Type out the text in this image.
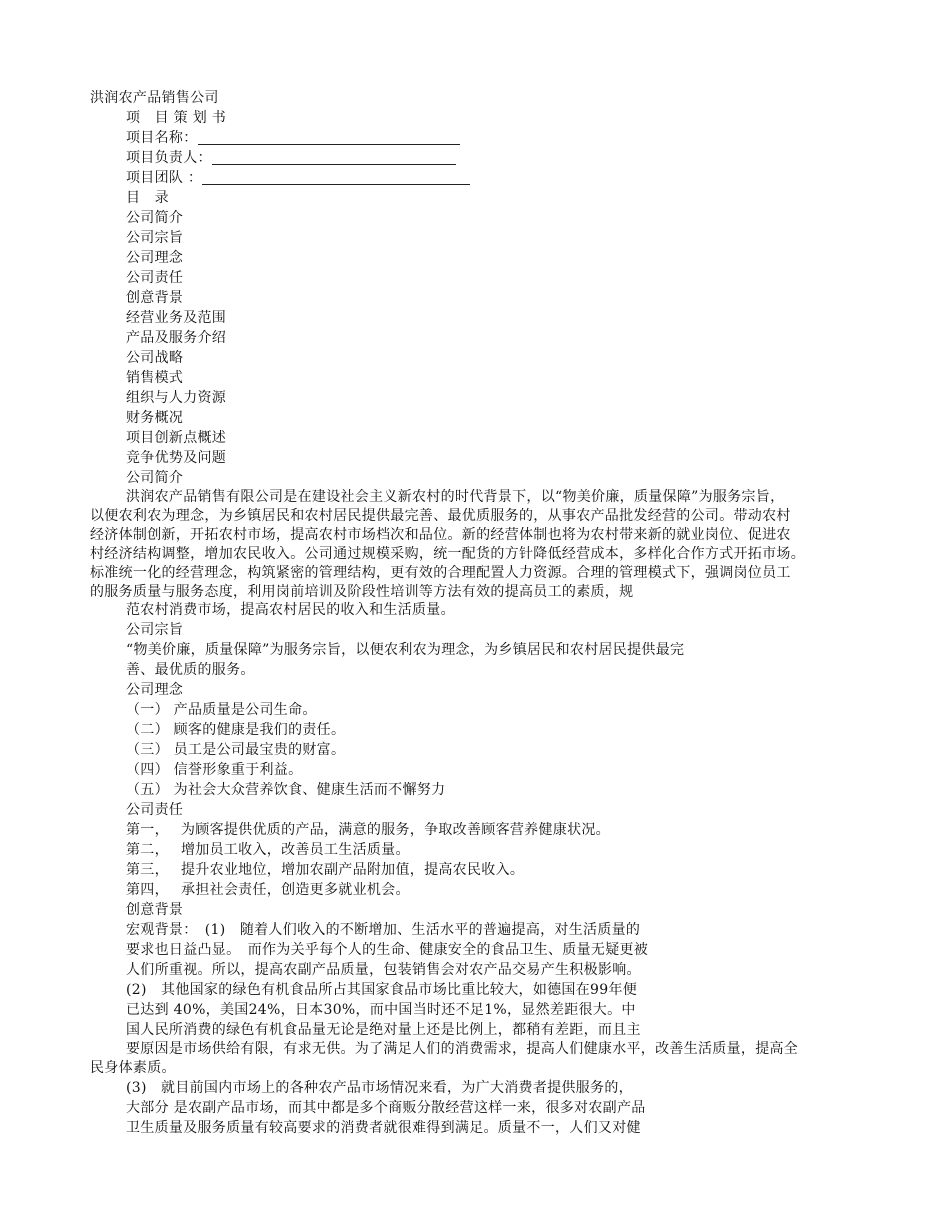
洪润农产品销售公司
项　目 策 划 书
项目名称：
项目负责人：
项目团队 ：
目　录
公司简介
公司宗旨
公司理念
公司责任
创意背景
经营业务及范围
产品及服务介绍
公司战略
销售模式
组织与人力资源
财务概况
项目创新点概述
竞争优势及问题
公司简介
洪润农产品销售有限公司是在建设社会主义新农村的时代背景下，以“物美价廉，质量保障”为服务宗旨，
以便农利农为理念，为乡镇居民和农村居民提供最完善、最优质服务的，从事农产品批发经营的公司。带动农村
经济体制创新，开拓农村市场，提高农村市场档次和品位。新的经营体制也将为农村带来新的就业岗位、促进农
村经济结构调整，增加农民收入。公司通过规模采购，统一配货的方针降低经营成本，多样化合作方式开拓市场。
标准统一化的经营理念，构筑紧密的管理结构，更有效的合理配置人力资源。合理的管理模式下，强调岗位员工
的服务质量与服务态度，利用岗前培训及阶段性培训等方法有效的提高员工的素质，规
范农村消费市场，提高农村居民的收入和生活质量。
公司宗旨
“物美价廉，质量保障”为服务宗旨，以便农利农为理念，为乡镇居民和农村居民提供最完
善、最优质的服务。
公司理念
（一） 产品质量是公司生命。
（二） 顾客的健康是我们的责任。
（三） 员工是公司最宝贵的财富。
（四） 信誉形象重于利益。
（五） 为社会大众营养饮食、健康生活而不懈努力
公司责任
第一，　 为顾客提供优质的产品，满意的服务，争取改善顾客营养健康状况。
第二，　 增加员工收入，改善员工生活质量。
第三，　 提升农业地位，增加农副产品附加值，提高农民收入。
第四，　 承担社会责任，创造更多就业机会。
创意背景
宏观背景：　(1)　随着人们收入的不断增加、生活水平的普遍提高，对生活质量的
要求也日益凸显。　而作为关乎每个人的生命、健康安全的食品卫生、质量无疑更被
人们所重视。所以，提高农副产品质量，包装销售会对农产品交易产生积极影响。
(2)　其他国家的绿色有机食品所占其国家食品市场比重比较大，如德国在99年便
已达到 40%，美国24%，日本30%，而中国当时还不足1%，显然差距很大。中
国人民所消费的绿色有机食品量无论是绝对量上还是比例上，都稍有差距，而且主
要原因是市场供给有限，有求无供。为了满足人们的消费需求，提高人们健康水平，改善生活质量，提高全
民身体素质。
(3)　就目前国内市场上的各种农产品市场情况来看，为广大消费者提供服务的，
大部分 是农副产品市场，而其中都是多个商贩分散经营这样一来，很多对农副产品
卫生质量及服务质量有较高要求的消费者就很难得到满足。质量不一，人们又对健
